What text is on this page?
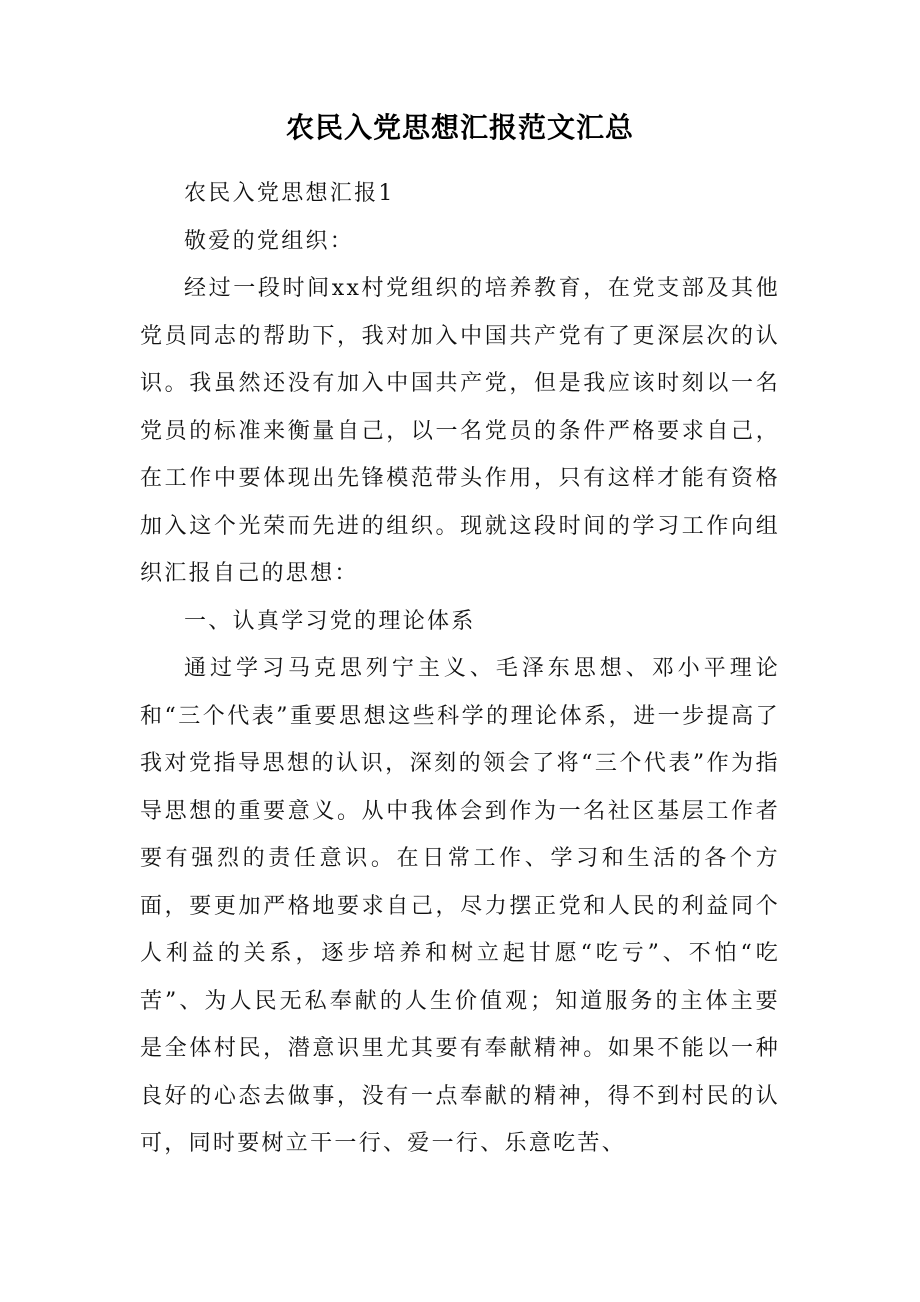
农民入党思想汇报范文汇总

农民入党思想汇报1

敬爱的党组织：

经过一段时间xx村党组织的培养教育，在党支部及其他党员同志的帮助下，我对加入中国共产党有了更深层次的认识。我虽然还没有加入中国共产党，但是我应该时刻以一名党员的标准来衡量自己，以一名党员的条件严格要求自己，在工作中要体现出先锋模范带头作用，只有这样才能有资格加入这个光荣而先进的组织。现就这段时间的学习工作向组织汇报自己的思想：

一、认真学习党的理论体系

通过学习马克思列宁主义、毛泽东思想、邓小平理论和“三个代表”重要思想这些科学的理论体系，进一步提高了我对党指导思想的认识，深刻的领会了将“三个代表”作为指导思想的重要意义。从中我体会到作为一名社区基层工作者要有强烈的责任意识。在日常工作、学习和生活的各个方面，要更加严格地要求自己，尽力摆正党和人民的利益同个人利益的关系，逐步培养和树立起甘愿“吃亏”、不怕“吃苦”、为人民无私奉献的人生价值观；知道服务的主体主要是全体村民，潜意识里尤其要有奉献精神。如果不能以一种良好的心态去做事，没有一点奉献的精神，得不到村民的认可，同时要树立干一行、爱一行、乐意吃苦、
